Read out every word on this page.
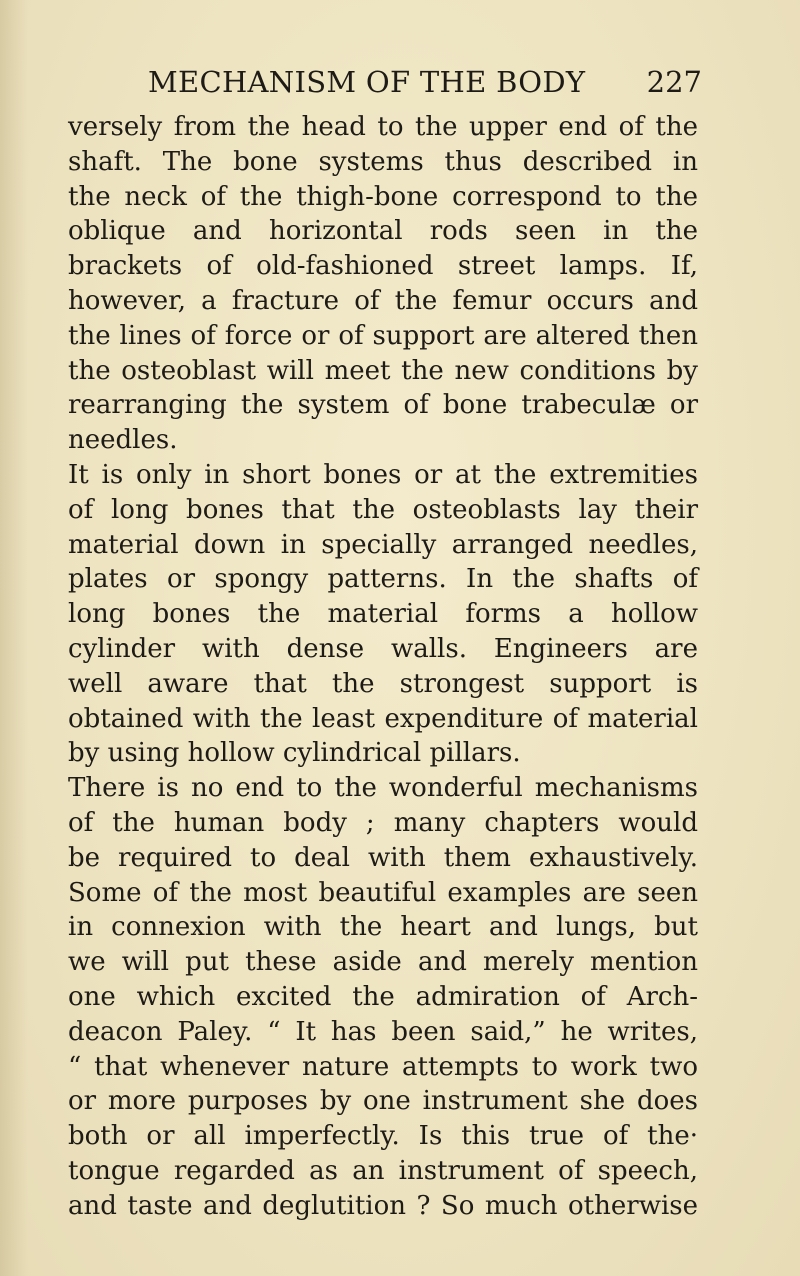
MECHANISM OF THE BODY 227
versely from the head to the upper end of the
shaft. The bone systems thus described in
the neck of the thigh-bone correspond to the
oblique and horizontal rods seen in the
brackets of old-fashioned street lamps. If,
however, a fracture of the femur occurs and
the lines of force or of support are altered then
the osteoblast will meet the new conditions by
rearranging the system of bone trabeculæ or
needles.
It is only in short bones or at the extremities
of long bones that the osteoblasts lay their
material down in specially arranged needles,
plates or spongy patterns. In the shafts of
long bones the material forms a hollow
cylinder with dense walls. Engineers are
well aware that the strongest support is
obtained with the least expenditure of material
by using hollow cylindrical pillars.
There is no end to the wonderful mechanisms
of the human body ; many chapters would
be required to deal with them exhaustively.
Some of the most beautiful examples are seen
in connexion with the heart and lungs, but
we will put these aside and merely mention
one which excited the admiration of Arch-
deacon Paley. “ It has been said,” he writes,
“ that whenever nature attempts to work two
or more purposes by one instrument she does
both or all imperfectly. Is this true of the·
tongue regarded as an instrument of speech,
and taste and deglutition ? So much otherwise
